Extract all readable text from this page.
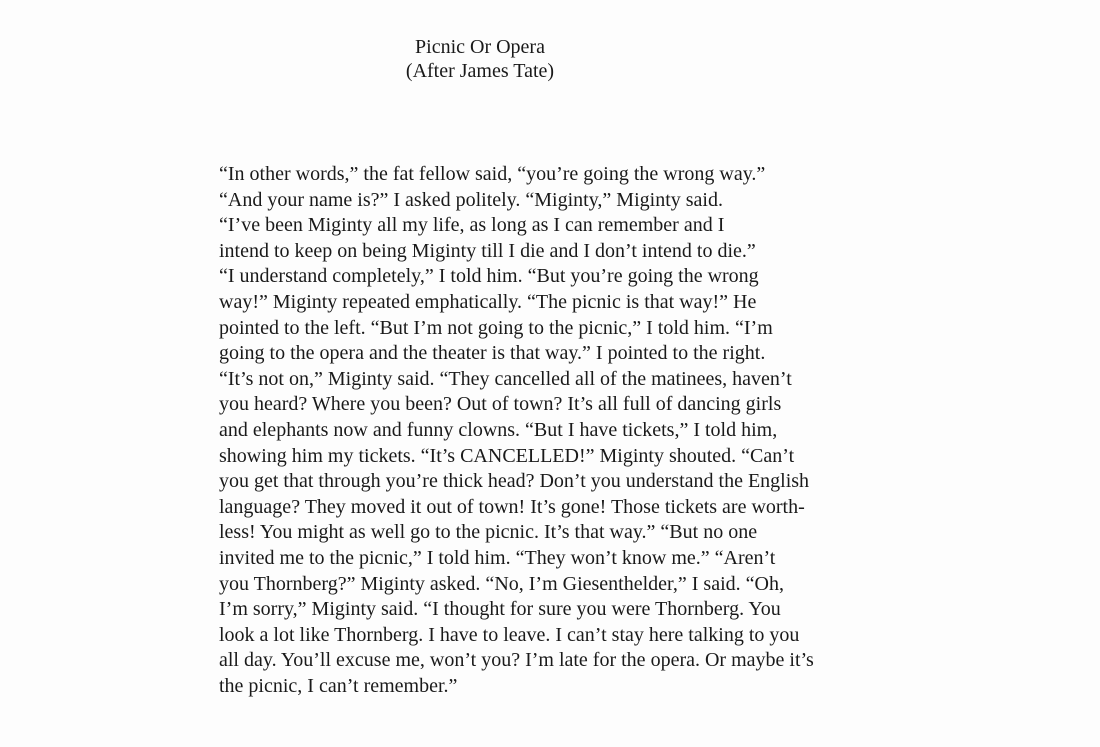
Picnic Or Opera
(After James Tate)
“In other words,” the fat fellow said, “you’re going the wrong way.”
“And your name is?” I asked politely. “Miginty,” Miginty said.
“I’ve been Miginty all my life, as long as I can remember and I
intend to keep on being Miginty till I die and I don’t intend to die.”
“I understand completely,” I told him. “But you’re going the wrong
way!” Miginty repeated emphatically. “The picnic is that way!” He
pointed to the left. “But I’m not going to the picnic,” I told him. “I’m
going to the opera and the theater is that way.” I pointed to the right.
“It’s not on,” Miginty said. “They cancelled all of the matinees, haven’t
you heard? Where you been? Out of town? It’s all full of dancing girls
and elephants now and funny clowns. “But I have tickets,” I told him,
showing him my tickets. “It’s CANCELLED!” Miginty shouted. “Can’t
you get that through you’re thick head? Don’t you understand the English
language? They moved it out of town! It’s gone! Those tickets are worth-
less! You might as well go to the picnic. It’s that way.” “But no one
invited me to the picnic,” I told him. “They won’t know me.” “Aren’t
you Thornberg?” Miginty asked. “No, I’m Giesenthelder,” I said. “Oh,
I’m sorry,” Miginty said. “I thought for sure you were Thornberg. You
look a lot like Thornberg. I have to leave. I can’t stay here talking to you
all day. You’ll excuse me, won’t you? I’m late for the opera. Or maybe it’s
the picnic, I can’t remember.”
